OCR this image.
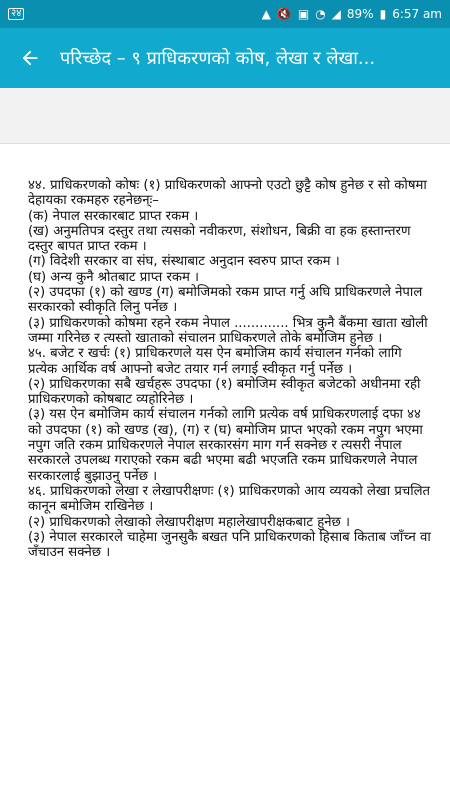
२४	▲ 🔇 ▣ ◔ ◢ 89% ▮ 6:57 am
परिच्छेद – ९ प्राधिकरणको कोष, लेखा र लेखा...

४४. प्राधिकरणको कोषः (१) प्राधिकरणको आफ्नो एउटो छुट्टै कोष हुनेछ र सो कोषमा देहायका रकमहरु रहनेछन्ः–

(क) नेपाल सरकारबाट प्राप्त रकम ।

(ख) अनुमतिपत्र दस्तुर तथा त्यसको नवीकरण, संशोधन, बिक्री वा हक हस्तान्तरण दस्तुर बापत प्राप्त रकम ।

(ग) विदेशी सरकार वा संघ, संस्थाबाट अनुदान स्वरुप प्राप्त रकम ।

(घ) अन्य कुनै श्रोतबाट प्राप्त रकम ।

(२) उपदफा (१) को खण्ड (ग) बमोजिमको रकम प्राप्त गर्नु अघि प्राधिकरणले नेपाल सरकारको स्वीकृति लिनु पर्नेछ ।

(३) प्राधिकरणको कोषमा रहने रकम नेपाल ............. भित्र कुनै बैंकमा खाता खोली जम्मा गरिनेछ र त्यस्तो खाताको संचालन प्राधिकरणले तोके बमोजिम हुनेछ ।

४५. बजेट र खर्चः (१) प्राधिकरणले यस ऐन बमोजिम कार्य संचालन गर्नको लागि प्रत्येक आर्थिक वर्ष आफ्नो बजेट तयार गर्न लगाई स्वीकृत गर्नु पर्नेछ ।

(२) प्राधिकरणका सबै खर्चहरू उपदफा (१) बमोजिम स्वीकृत बजेटको अधीनमा रही प्राधिकरणको कोषबाट व्यहोरिनेछ ।

(३) यस ऐन बमोजिम कार्य संचालन गर्नको लागि प्रत्येक वर्ष प्राधिकरणलाई दफा ४४ को उपदफा (१) को खण्ड (ख), (ग) र (घ) बमोजिम प्राप्त भएको रकम नपुग भएमा नपुग जति रकम प्राधिकरणले नेपाल सरकारसंग माग गर्न सक्नेछ र त्यसरी नेपाल सरकारले उपलब्ध गराएको रकम बढी भएमा बढी भएजति रकम प्राधिकरणले नेपाल सरकारलाई बुझाउनु पर्नेछ ।

४६. प्राधिकरणको लेखा र लेखापरीक्षणः (१) प्राधिकरणको आय व्ययको लेखा प्रचलित कानून बमोजिम राखिनेछ ।

(२) प्राधिकरणको लेखाको लेखापरीक्षण महालेखापरीक्षकबाट हुनेछ ।

(३) नेपाल सरकारले चाहेमा जुनसुकै बखत पनि प्राधिकरणको हिसाब किताब जाँच्न वा जँचाउन सक्नेछ ।
